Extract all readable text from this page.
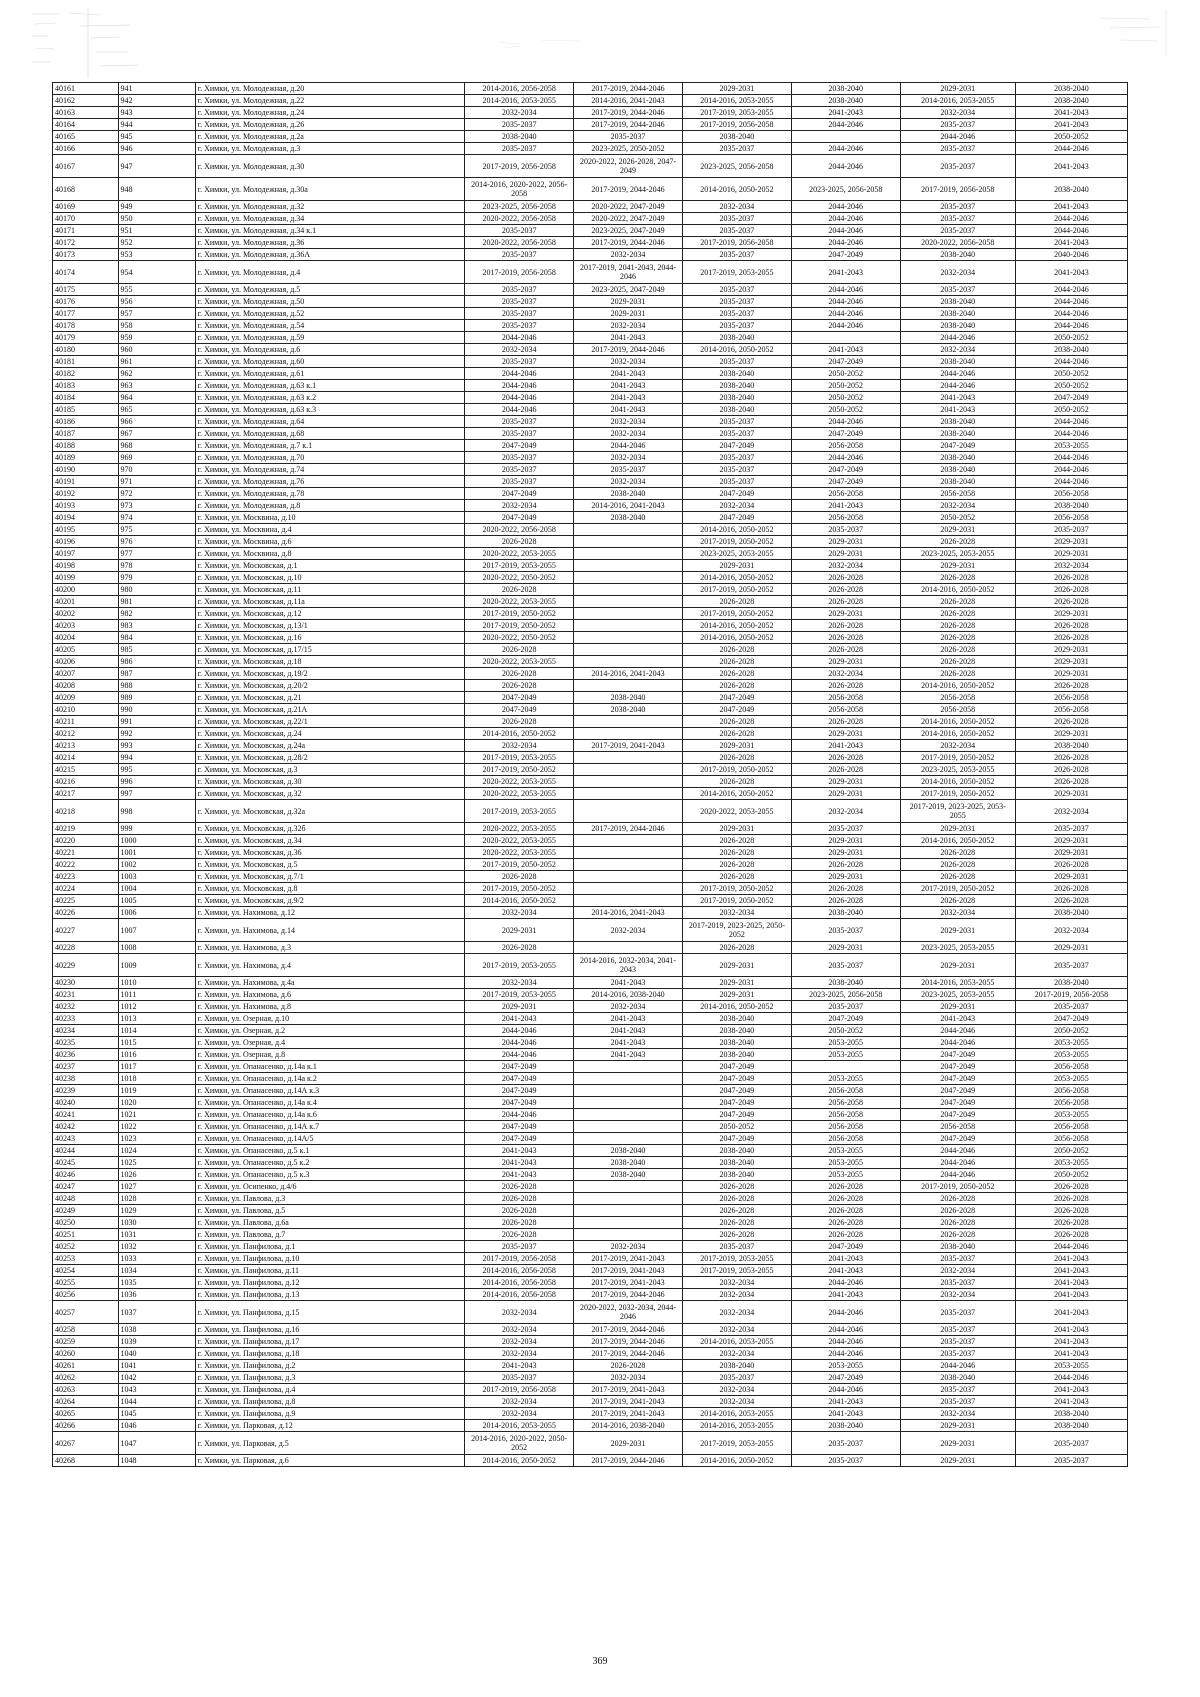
40161	941	г. Химки, ул. Молодежная, д.20	2014-2016, 2056-2058	2017-2019, 2044-2046	2029-2031	2038-2040	2029-2031	2038-2040
40162	942	г. Химки, ул. Молодежная, д.22	2014-2016, 2053-2055	2014-2016, 2041-2043	2014-2016, 2053-2055	2038-2040	2014-2016, 2053-2055	2038-2040
40163	943	г. Химки, ул. Молодежная, д.24	2032-2034	2017-2019, 2044-2046	2017-2019, 2053-2055	2041-2043	2032-2034	2041-2043
40164	944	г. Химки, ул. Молодежная, д.26	2035-2037	2017-2019, 2044-2046	2017-2019, 2056-2058	2044-2046	2035-2037	2041-2043
40165	945	г. Химки, ул. Молодежная, д.2а	2038-2040	2035-2037	2038-2040		2044-2046	2050-2052
40166	946	г. Химки, ул. Молодежная, д.3	2035-2037	2023-2025, 2050-2052	2035-2037	2044-2046	2035-2037	2044-2046
40167	947	г. Химки, ул. Молодежная, д.30	2017-2019, 2056-2058	2020-2022, 2026-2028, 2047-2049	2023-2025, 2056-2058	2044-2046	2035-2037	2041-2043
40168	948	г. Химки, ул. Молодежная, д.30а	2014-2016, 2020-2022, 2056-2058	2017-2019, 2044-2046	2014-2016, 2050-2052	2023-2025, 2056-2058	2017-2019, 2056-2058	2038-2040
40169	949	г. Химки, ул. Молодежная, д.32	2023-2025, 2056-2058	2020-2022, 2047-2049	2032-2034	2044-2046	2035-2037	2041-2043
40170	950	г. Химки, ул. Молодежная, д.34	2020-2022, 2056-2058	2020-2022, 2047-2049	2035-2037	2044-2046	2035-2037	2044-2046
40171	951	г. Химки, ул. Молодежная, д.34 к.1	2035-2037	2023-2025, 2047-2049	2035-2037	2044-2046	2035-2037	2044-2046
40172	952	г. Химки, ул. Молодежная, д.36	2020-2022, 2056-2058	2017-2019, 2044-2046	2017-2019, 2056-2058	2044-2046	2020-2022, 2056-2058	2041-2043
40173	953	г. Химки, ул. Молодежная, д.36А	2035-2037	2032-2034	2035-2037	2047-2049	2038-2040	2040-2046
40174	954	г. Химки, ул. Молодежная, д.4	2017-2019, 2056-2058	2017-2019, 2041-2043, 2044-2046	2017-2019, 2053-2055	2041-2043	2032-2034	2041-2043
40175	955	г. Химки, ул. Молодежная, д.5	2035-2037	2023-2025, 2047-2049	2035-2037	2044-2046	2035-2037	2044-2046
40176	956	г. Химки, ул. Молодежная, д.50	2035-2037	2029-2031	2035-2037	2044-2046	2038-2040	2044-2046
40177	957	г. Химки, ул. Молодежная, д.52	2035-2037	2029-2031	2035-2037	2044-2046	2038-2040	2044-2046
40178	958	г. Химки, ул. Молодежная, д.54	2035-2037	2032-2034	2035-2037	2044-2046	2038-2040	2044-2046
40179	959	г. Химки, ул. Молодежная, д.59	2044-2046	2041-2043	2038-2040		2044-2046	2050-2052
40180	960	г. Химки, ул. Молодежная, д.6	2032-2034	2017-2019, 2044-2046	2014-2016, 2050-2052	2041-2043	2032-2034	2038-2040
40181	961	г. Химки, ул. Молодежная, д.60	2035-2037	2032-2034	2035-2037	2047-2049	2038-2040	2044-2046
40182	962	г. Химки, ул. Молодежная, д.61	2044-2046	2041-2043	2038-2040	2050-2052	2044-2046	2050-2052
40183	963	г. Химки, ул. Молодежная, д.63 к.1	2044-2046	2041-2043	2038-2040	2050-2052	2044-2046	2050-2052
40184	964	г. Химки, ул. Молодежная, д.63 к.2	2044-2046	2041-2043	2038-2040	2050-2052	2041-2043	2047-2049
40185	965	г. Химки, ул. Молодежная, д.63 к.3	2044-2046	2041-2043	2038-2040	2050-2052	2041-2043	2050-2052
40186	966	г. Химки, ул. Молодежная, д.64	2035-2037	2032-2034	2035-2037	2044-2046	2038-2040	2044-2046
40187	967	г. Химки, ул. Молодежная, д.68	2035-2037	2032-2034	2035-2037	2047-2049	2038-2040	2044-2046
40188	968	г. Химки, ул. Молодежная, д.7 к.1	2047-2049	2044-2046	2047-2049	2056-2058	2047-2049	2053-2055
40189	969	г. Химки, ул. Молодежная, д.70	2035-2037	2032-2034	2035-2037	2044-2046	2038-2040	2044-2046
40190	970	г. Химки, ул. Молодежная, д.74	2035-2037	2035-2037	2035-2037	2047-2049	2038-2040	2044-2046
40191	971	г. Химки, ул. Молодежная, д.76	2035-2037	2032-2034	2035-2037	2047-2049	2038-2040	2044-2046
40192	972	г. Химки, ул. Молодежная, д.78	2047-2049	2038-2040	2047-2049	2056-2058	2056-2058	2056-2058
40193	973	г. Химки, ул. Молодежная, д.8	2032-2034	2014-2016, 2041-2043	2032-2034	2041-2043	2032-2034	2038-2040
40194	974	г. Химки, ул. Москвина, д.10	2047-2049	2038-2040	2047-2049	2056-2058	2050-2052	2056-2058
40195	975	г. Химки, ул. Москвина, д.4	2020-2022, 2056-2058		2014-2016, 2050-2052	2035-2037	2029-2031	2035-2037
40196	976	г. Химки, ул. Москвина, д.6	2026-2028		2017-2019, 2050-2052	2029-2031	2026-2028	2029-2031
40197	977	г. Химки, ул. Москвина, д.8	2020-2022, 2053-2055		2023-2025, 2053-2055	2029-2031	2023-2025, 2053-2055	2029-2031
40198	978	г. Химки, ул. Московская, д.1	2017-2019, 2053-2055		2029-2031	2032-2034	2029-2031	2032-2034
40199	979	г. Химки, ул. Московская, д.10	2020-2022, 2050-2052		2014-2016, 2050-2052	2026-2028	2026-2028	2026-2028
40200	980	г. Химки, ул. Московская, д.11	2026-2028		2017-2019, 2050-2052	2026-2028	2014-2016, 2050-2052	2026-2028
40201	981	г. Химки, ул. Московская, д.11а	2020-2022, 2053-2055		2026-2028	2026-2028	2026-2028	2026-2028
40202	982	г. Химки, ул. Московская, д.12	2017-2019, 2050-2052		2017-2019, 2050-2052	2029-2031	2026-2028	2029-2031
40203	983	г. Химки, ул. Московская, д.13/1	2017-2019, 2050-2052		2014-2016, 2050-2052	2026-2028	2026-2028	2026-2028
40204	984	г. Химки, ул. Московская, д.16	2020-2022, 2050-2052		2014-2016, 2050-2052	2026-2028	2026-2028	2026-2028
40205	985	г. Химки, ул. Московская, д.17/15	2026-2028		2026-2028	2026-2028	2026-2028	2029-2031
40206	986	г. Химки, ул. Московская, д.18	2020-2022, 2053-2055		2026-2028	2029-2031	2026-2028	2029-2031
40207	987	г. Химки, ул. Московская, д.19/2	2026-2028	2014-2016, 2041-2043	2026-2028	2032-2034	2026-2028	2029-2031
40208	988	г. Химки, ул. Московская, д.20/2	2026-2028		2026-2028	2026-2028	2014-2016, 2050-2052	2026-2028
40209	989	г. Химки, ул. Московская, д.21	2047-2049	2038-2040	2047-2049	2056-2058	2056-2058	2056-2058
40210	990	г. Химки, ул. Московская, д.21А	2047-2049	2038-2040	2047-2049	2056-2058	2056-2058	2056-2058
40211	991	г. Химки, ул. Московская, д.22/1	2026-2028		2026-2028	2026-2028	2014-2016, 2050-2052	2026-2028
40212	992	г. Химки, ул. Московская, д.24	2014-2016, 2050-2052		2026-2028	2029-2031	2014-2016, 2050-2052	2029-2031
40213	993	г. Химки, ул. Московская, д.24а	2032-2034	2017-2019, 2041-2043	2029-2031	2041-2043	2032-2034	2038-2040
40214	994	г. Химки, ул. Московская, д.28/2	2017-2019, 2053-2055		2026-2028	2026-2028	2017-2019, 2050-2052	2026-2028
40215	995	г. Химки, ул. Московская, д.3	2017-2019, 2050-2052		2017-2019, 2050-2052	2026-2028	2023-2025, 2053-2055	2026-2028
40216	996	г. Химки, ул. Московская, д.30	2020-2022, 2053-2055		2026-2028	2029-2031	2014-2016, 2050-2052	2026-2028
40217	997	г. Химки, ул. Московская, д.32	2020-2022, 2053-2055		2014-2016, 2050-2052	2029-2031	2017-2019, 2050-2052	2029-2031
40218	998	г. Химки, ул. Московская, д.32а	2017-2019, 2053-2055		2020-2022, 2053-2055	2032-2034	2017-2019, 2023-2025, 2053-2055	2032-2034
40219	999	г. Химки, ул. Московская, д.32б	2020-2022, 2053-2055	2017-2019, 2044-2046	2029-2031	2035-2037	2029-2031	2035-2037
40220	1000	г. Химки, ул. Московская, д.34	2020-2022, 2053-2055		2026-2028	2029-2031	2014-2016, 2050-2052	2029-2031
40221	1001	г. Химки, ул. Московская, д.36	2020-2022, 2053-2055		2026-2028	2029-2031	2026-2028	2029-2031
40222	1002	г. Химки, ул. Московская, д.5	2017-2019, 2050-2052		2026-2028	2026-2028	2026-2028	2026-2028
40223	1003	г. Химки, ул. Московская, д.7/1	2026-2028		2026-2028	2029-2031	2026-2028	2029-2031
40224	1004	г. Химки, ул. Московская, д.8	2017-2019, 2050-2052		2017-2019, 2050-2052	2026-2028	2017-2019, 2050-2052	2026-2028
40225	1005	г. Химки, ул. Московская, д.9/2	2014-2016, 2050-2052		2017-2019, 2050-2052	2026-2028	2026-2028	2026-2028
40226	1006	г. Химки, ул. Нахимова, д.12	2032-2034	2014-2016, 2041-2043	2032-2034	2038-2040	2032-2034	2038-2040
40227	1007	г. Химки, ул. Нахимова, д.14	2029-2031	2032-2034	2017-2019, 2023-2025, 2050-2052	2035-2037	2029-2031	2032-2034
40228	1008	г. Химки, ул. Нахимова, д.3	2026-2028		2026-2028	2029-2031	2023-2025, 2053-2055	2029-2031
40229	1009	г. Химки, ул. Нахимова, д.4	2017-2019, 2053-2055	2014-2016, 2032-2034, 2041-2043	2029-2031	2035-2037	2029-2031	2035-2037
40230	1010	г. Химки, ул. Нахимова, д.4а	2032-2034	2041-2043	2029-2031	2038-2040	2014-2016, 2053-2055	2038-2040
40231	1011	г. Химки, ул. Нахимова, д.6	2017-2019, 2053-2055	2014-2016, 2038-2040	2029-2031	2023-2025, 2056-2058	2023-2025, 2053-2055	2017-2019, 2056-2058
40232	1012	г. Химки, ул. Нахимова, д.8	2029-2031	2032-2034	2014-2016, 2050-2052	2035-2037	2029-2031	2035-2037
40233	1013	г. Химки, ул. Озерная, д.10	2041-2043	2041-2043	2038-2040	2047-2049	2041-2043	2047-2049
40234	1014	г. Химки, ул. Озерная, д.2	2044-2046	2041-2043	2038-2040	2050-2052	2044-2046	2050-2052
40235	1015	г. Химки, ул. Озерная, д.4	2044-2046	2041-2043	2038-2040	2053-2055	2044-2046	2053-2055
40236	1016	г. Химки, ул. Озерная, д.8	2044-2046	2041-2043	2038-2040	2053-2055	2047-2049	2053-2055
40237	1017	г. Химки, ул. Опанасенко, д.14а к.1	2047-2049		2047-2049		2047-2049	2056-2058
40238	1018	г. Химки, ул. Опанасенко, д.14а к.2	2047-2049		2047-2049	2053-2055	2047-2049	2053-2055
40239	1019	г. Химки, ул. Опанасенко, д.14А к.3	2047-2049		2047-2049	2056-2058	2047-2049	2056-2058
40240	1020	г. Химки, ул. Опанасенко, д.14а к.4	2047-2049		2047-2049	2056-2058	2047-2049	2056-2058
40241	1021	г. Химки, ул. Опанасенко, д.14а к.6	2044-2046		2047-2049	2056-2058	2047-2049	2053-2055
40242	1022	г. Химки, ул. Опанасенко, д.14А к.7	2047-2049		2050-2052	2056-2058	2056-2058	2056-2058
40243	1023	г. Химки, ул. Опанасенко, д.14А/5	2047-2049		2047-2049	2056-2058	2047-2049	2056-2058
40244	1024	г. Химки, ул. Опанасенко, д.5 к.1	2041-2043	2038-2040	2038-2040	2053-2055	2044-2046	2050-2052
40245	1025	г. Химки, ул. Опанасенко, д.5 к.2	2041-2043	2038-2040	2038-2040	2053-2055	2044-2046	2053-2055
40246	1026	г. Химки, ул. Опанасенко, д.5 к.3	2041-2043	2038-2040	2038-2040	2053-2055	2044-2046	2050-2052
40247	1027	г. Химки, ул. Осипенко, д.4/6	2026-2028		2026-2028	2026-2028	2017-2019, 2050-2052	2026-2028
40248	1028	г. Химки, ул. Павлова, д.3	2026-2028		2026-2028	2026-2028	2026-2028	2026-2028
40249	1029	г. Химки, ул. Павлова, д.5	2026-2028		2026-2028	2026-2028	2026-2028	2026-2028
40250	1030	г. Химки, ул. Павлова, д.6а	2026-2028		2026-2028	2026-2028	2026-2028	2026-2028
40251	1031	г. Химки, ул. Павлова, д.7	2026-2028		2026-2028	2026-2028	2026-2028	2026-2028
40252	1032	г. Химки, ул. Панфилова, д.1	2035-2037	2032-2034	2035-2037	2047-2049	2038-2040	2044-2046
40253	1033	г. Химки, ул. Панфилова, д.10	2017-2019, 2056-2058	2017-2019, 2041-2043	2017-2019, 2053-2055	2041-2043	2035-2037	2041-2043
40254	1034	г. Химки, ул. Панфилова, д.11	2014-2016, 2056-2058	2017-2019, 2041-2043	2017-2019, 2053-2055	2041-2043	2032-2034	2041-2043
40255	1035	г. Химки, ул. Панфилова, д.12	2014-2016, 2056-2058	2017-2019, 2041-2043	2032-2034	2044-2046	2035-2037	2041-2043
40256	1036	г. Химки, ул. Панфилова, д.13	2014-2016, 2056-2058	2017-2019, 2044-2046	2032-2034	2041-2043	2032-2034	2041-2043
40257	1037	г. Химки, ул. Панфилова, д.15	2032-2034	2020-2022, 2032-2034, 2044-2046	2032-2034	2044-2046	2035-2037	2041-2043
40258	1038	г. Химки, ул. Панфилова, д.16	2032-2034	2017-2019, 2044-2046	2032-2034	2044-2046	2035-2037	2041-2043
40259	1039	г. Химки, ул. Панфилова, д.17	2032-2034	2017-2019, 2044-2046	2014-2016, 2053-2055	2044-2046	2035-2037	2041-2043
40260	1040	г. Химки, ул. Панфилова, д.18	2032-2034	2017-2019, 2044-2046	2032-2034	2044-2046	2035-2037	2041-2043
40261	1041	г. Химки, ул. Панфилова, д.2	2041-2043	2026-2028	2038-2040	2053-2055	2044-2046	2053-2055
40262	1042	г. Химки, ул. Панфилова, д.3	2035-2037	2032-2034	2035-2037	2047-2049	2038-2040	2044-2046
40263	1043	г. Химки, ул. Панфилова, д.4	2017-2019, 2056-2058	2017-2019, 2041-2043	2032-2034	2044-2046	2035-2037	2041-2043
40264	1044	г. Химки, ул. Панфилова, д.8	2032-2034	2017-2019, 2041-2043	2032-2034	2041-2043	2035-2037	2041-2043
40265	1045	г. Химки, ул. Панфилова, д.9	2032-2034	2017-2019, 2041-2043	2014-2016, 2053-2055	2041-2043	2032-2034	2038-2040
40266	1046	г. Химки, ул. Парковая, д.12	2014-2016, 2053-2055	2014-2016, 2038-2040	2014-2016, 2053-2055	2038-2040	2029-2031	2038-2040
40267	1047	г. Химки, ул. Парковая, д.5	2014-2016, 2020-2022, 2050-2052	2029-2031	2017-2019, 2053-2055	2035-2037	2029-2031	2035-2037
40268	1048	г. Химки, ул. Парковая, д.6	2014-2016, 2050-2052	2017-2019, 2044-2046	2014-2016, 2050-2052	2035-2037	2029-2031	2035-2037
369
